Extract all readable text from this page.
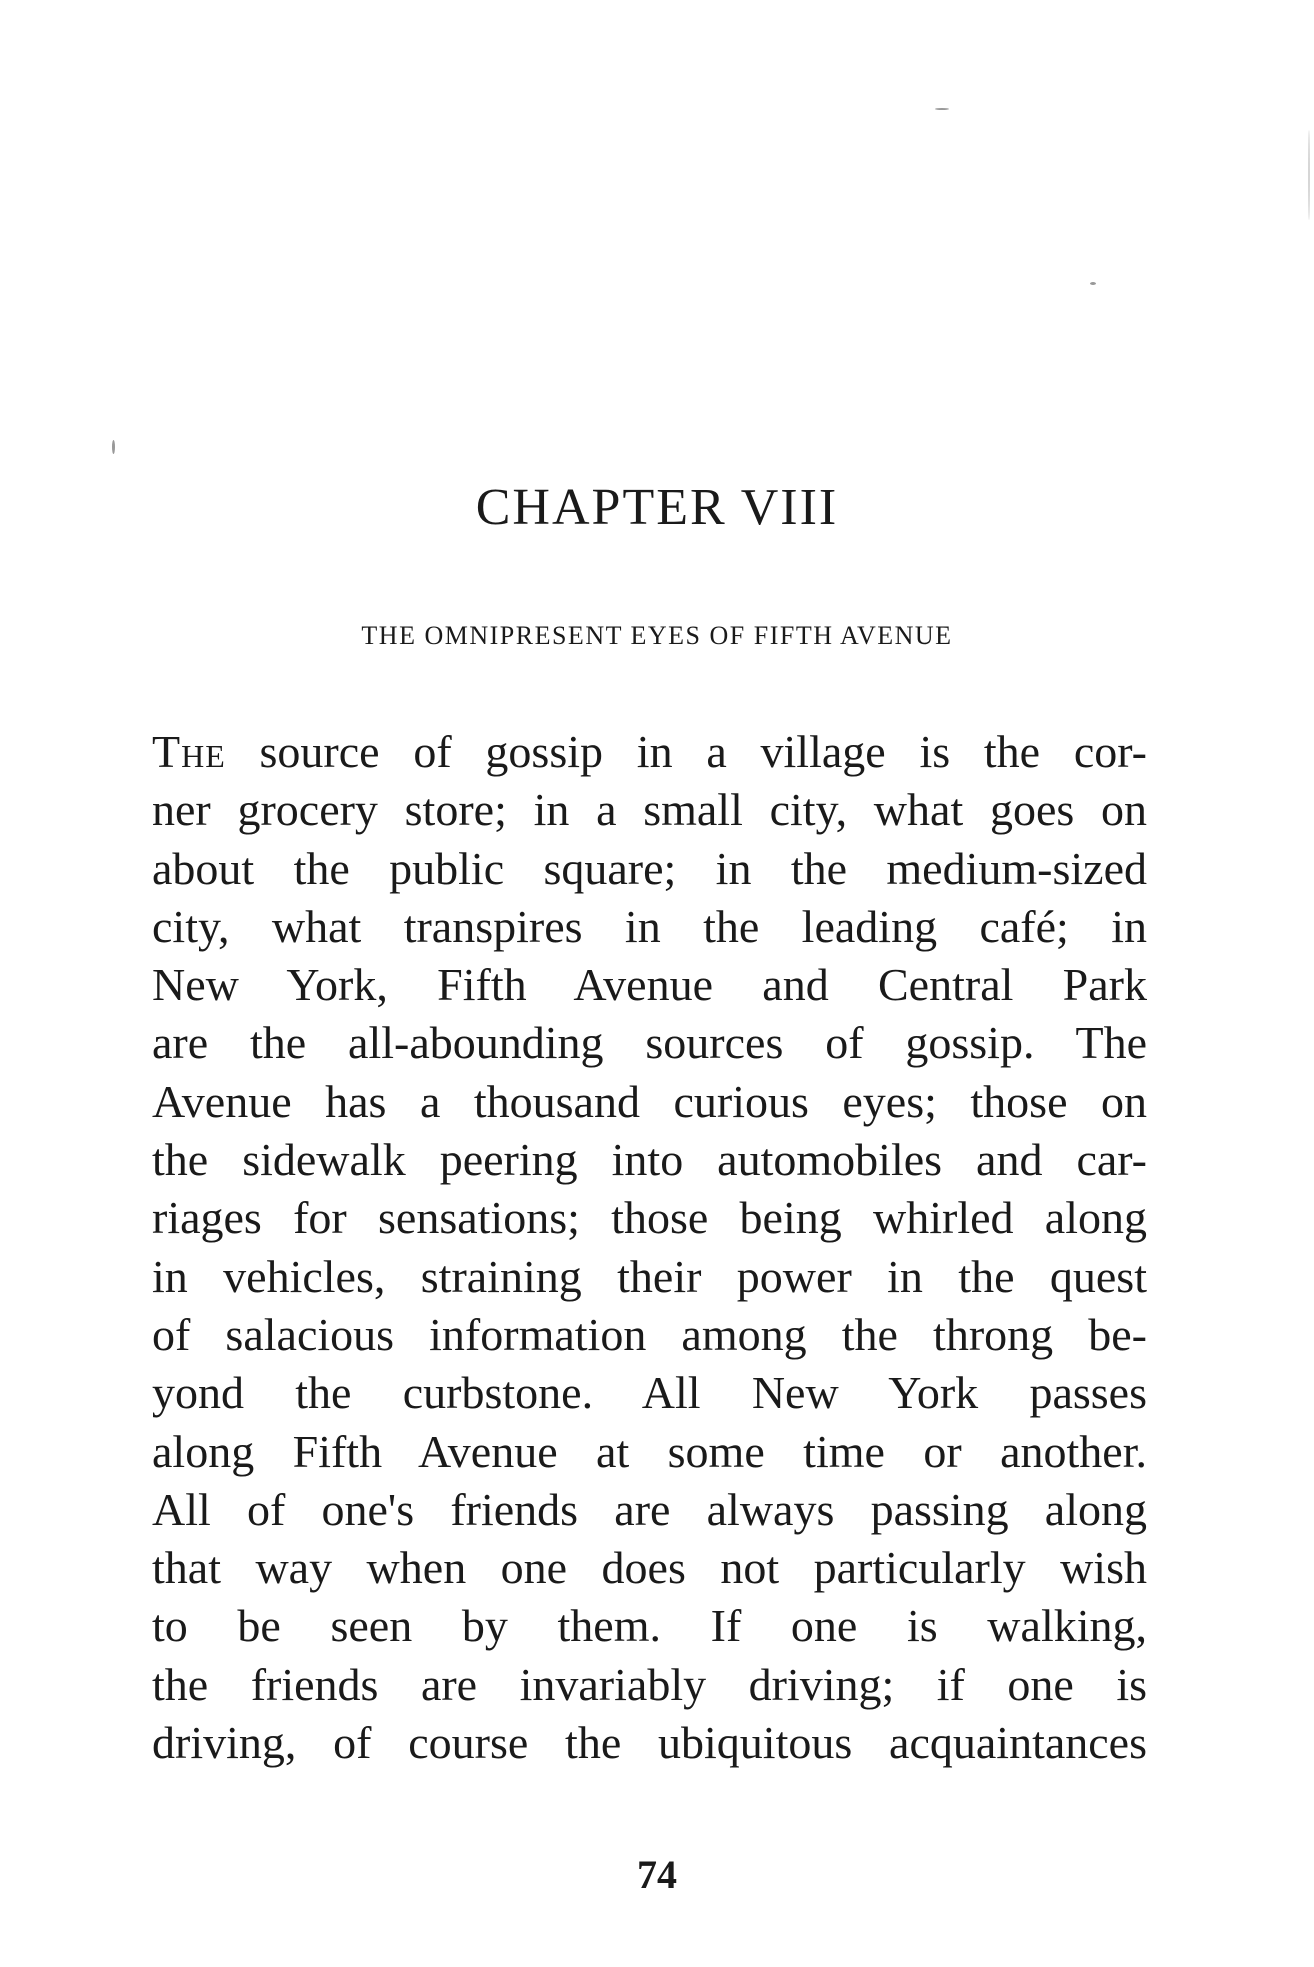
CHAPTER VIII
THE OMNIPRESENT EYES OF FIFTH AVENUE
The source of gossip in a village is the cor-
ner grocery store; in a small city, what goes on
about the public square; in the medium-sized
city, what transpires in the leading café; in
New York, Fifth Avenue and Central Park
are the all-abounding sources of gossip. The
Avenue has a thousand curious eyes; those on
the sidewalk peering into automobiles and car-
riages for sensations; those being whirled along
in vehicles, straining their power in the quest
of salacious information among the throng be-
yond the curbstone. All New York passes
along Fifth Avenue at some time or another.
All of one's friends are always passing along
that way when one does not particularly wish
to be seen by them. If one is walking,
the friends are invariably driving; if one is
driving, of course the ubiquitous acquaintances
74
